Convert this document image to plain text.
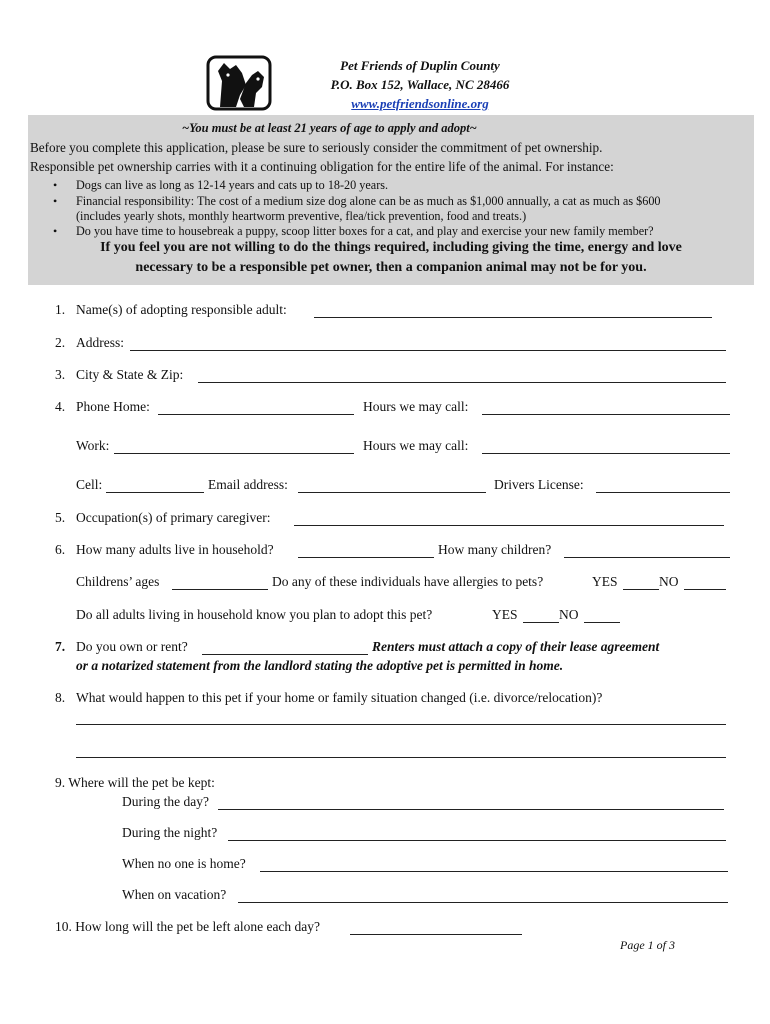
Pet Friends of Duplin County
P.O. Box 152, Wallace, NC 28466
www.petfriendsonline.org
~You must be at least 21 years of age to apply and adopt~
Before you complete this application, please be sure to seriously consider the commitment of pet ownership.
Responsible pet ownership carries with it a continuing obligation for the entire life of the animal. For instance:
• Dogs can live as long as 12-14 years and cats up to 18-20 years.
• Financial responsibility: The cost of a medium size dog alone can be as much as $1,000 annually, a cat as much as $600
(includes yearly shots, monthly heartworm preventive, flea/tick prevention, food and treats.)
• Do you have time to housebreak a puppy, scoop litter boxes for a cat, and play and exercise your new family member?
If you feel you are not willing to do the things required, including giving the time, energy and love
necessary to be a responsible pet owner, then a companion animal may not be for you.
1. Name(s) of adopting responsible adult:
2. Address:
3. City & State & Zip:
4. Phone Home:	Hours we may call:
Work:	Hours we may call:
Cell:	Email address:	Drivers License:
5. Occupation(s) of primary caregiver:
6. How many adults live in household?	How many children?
Childrens’ ages	Do any of these individuals have allergies to pets?	YES	NO
Do all adults living in household know you plan to adopt this pet?	YES	NO
7. Do you own or rent?	Renters must attach a copy of their lease agreement
or a notarized statement from the landlord stating the adoptive pet is permitted in home.
8. What would happen to this pet if your home or family situation changed (i.e. divorce/relocation)?
9. Where will the pet be kept:
During the day?
During the night?
When no one is home?
When on vacation?
10. How long will the pet be left alone each day?
Page 1 of 3
